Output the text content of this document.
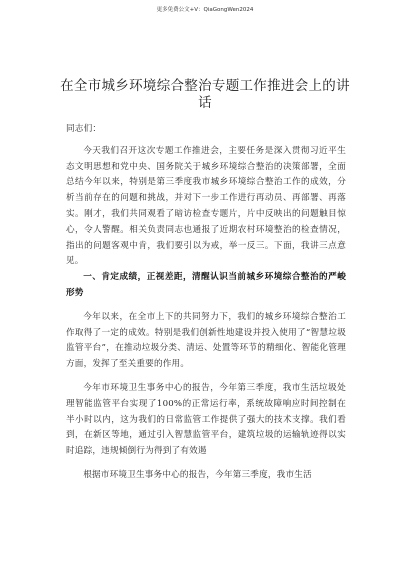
更多免费公文+V：QiaGongWen2024
在全市城乡环境综合整治专题工作推进会上的讲话

同志们：

今天我们召开这次专题工作推进会，主要任务是深入贯彻习近平生态文明思想和党中央、国务院关于城乡环境综合整治的决策部署，全面总结今年以来，特别是第三季度我市城乡环境综合整治工作的成效，分析当前存在的问题和挑战，并对下一步工作进行再动员、再部署、再落实。刚才，我们共同观看了暗访检查专题片，片中反映出的问题触目惊心，令人警醒。相关负责同志也通报了近期农村环境整治的检查情况，指出的问题客观中肯，我们要引以为戒，举一反三。下面，我讲三点意见。

一、肯定成绩，正视差距，清醒认识当前城乡环境综合整治的严峻形势

今年以来，在全市上下的共同努力下，我们的城乡环境综合整治工作取得了一定的成效。特别是我们创新性地建设并投入使用了“智慧垃圾监管平台”，在推动垃圾分类、清运、处置等环节的精细化、智能化管理方面，发挥了至关重要的作用。

今年市环境卫生事务中心的报告，今年第三季度，我市生活垃圾处理智能监管平台实现了100%的正常运行率，系统故障响应时间控制在半小时以内，这为我们的日常监管工作提供了强大的技术支撑。我们看到，在新区等地，通过引入智慧监管平台，建筑垃圾的运输轨迹得以实时追踪，违规倾倒行为得到了有效遏

根据市环境卫生事务中心的报告，今年第三季度，我市生活
